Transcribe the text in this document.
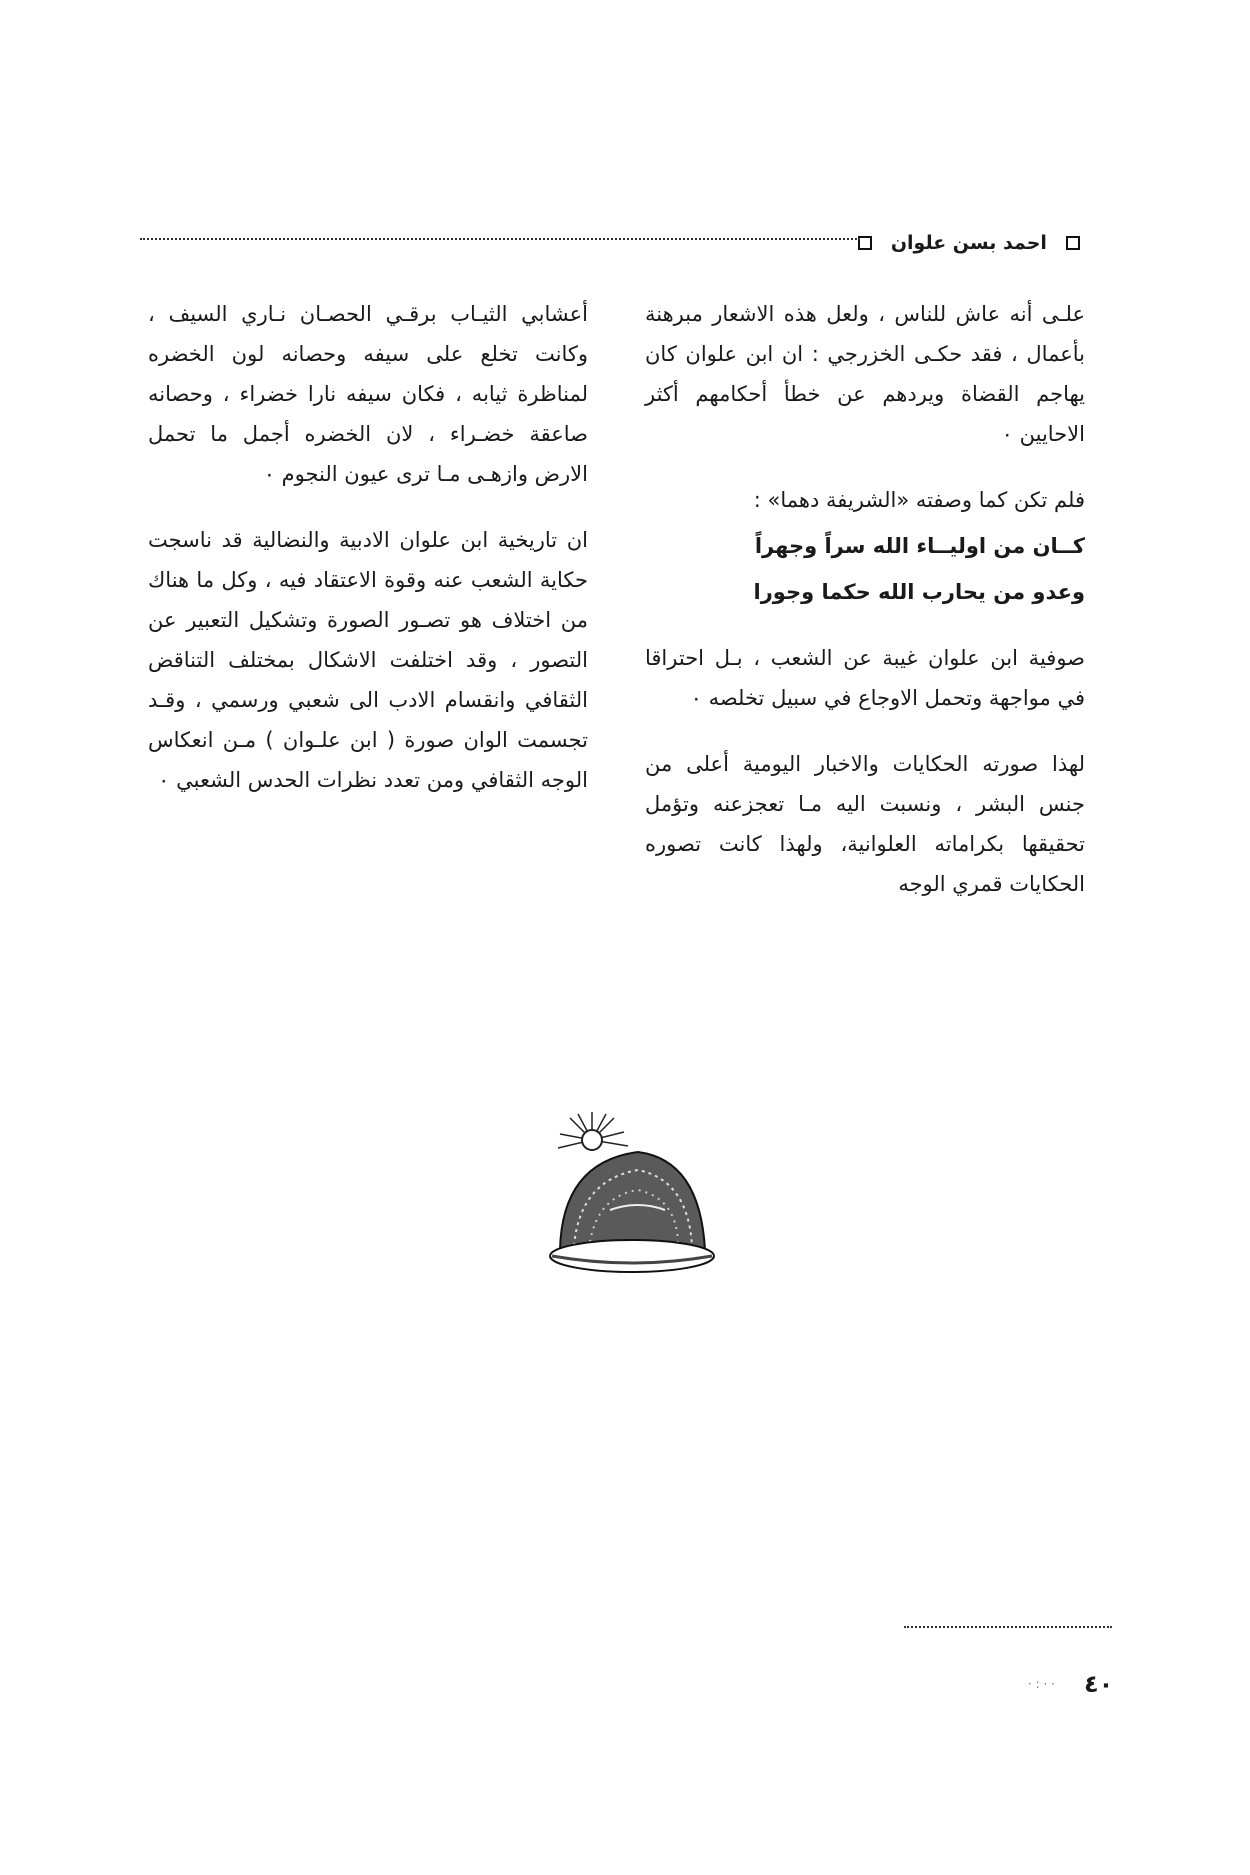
احمد بسن علوان

علـى أنه عاش للناس ، ولعل هذه الاشعار مبرهنة بأعمال ، فقد حكـى الخزرجي : ان ابن علوان كان يهاجم القضاة ويردهم عن خطأ أحكامهم أكثر الاحايين ٠

فلم تكن كما وصفته «الشريفة دهما» :

كــان من اوليــاء الله سراً وجهراً

وعدو من يحارب الله حكما وجورا

صوفية ابن علوان غيبة عن الشعب ، بـل احتراقا في مواجهة وتحمل الاوجاع في سبيل تخلصه ٠

لهذا صورته الحكايات والاخبار اليومية أعلى من جنس البشر ، ونسبت اليه مـا تعجزعنه وتؤمل تحقيقها بكراماته العلوانية، ولهذا كانت تصوره الحكايات قمري الوجه

أعشابي الثيـاب برقـي الحصـان نـاري السيف ، وكانت تخلع على سيفه وحصانه لون الخضره لمناظرة ثيابه ، فكان سيفه نارا خضراء ، وحصانه صاعقة خضـراء ، لان الخضره أجمل ما تحمل الارض وازهـى مـا ترى عيون النجوم ٠

ان تاريخية ابن علوان الادبية والنضالية قد ناسجت حكاية الشعب عنه وقوة الاعتقاد فيه ، وكل ما هناك من اختلاف هو تصـور الصورة وتشكيل التعبير عن التصور ، وقد اختلفت الاشكال بمختلف التناقض الثقافي وانقسام الادب الى شعبي ورسمي ، وقـد تجسمت الوان صورة ( ابن علـوان ) مـن انعكاس الوجه الثقافي ومن تعدد نظرات الحدس الشعبي ٠

٤٠
· : · ·
